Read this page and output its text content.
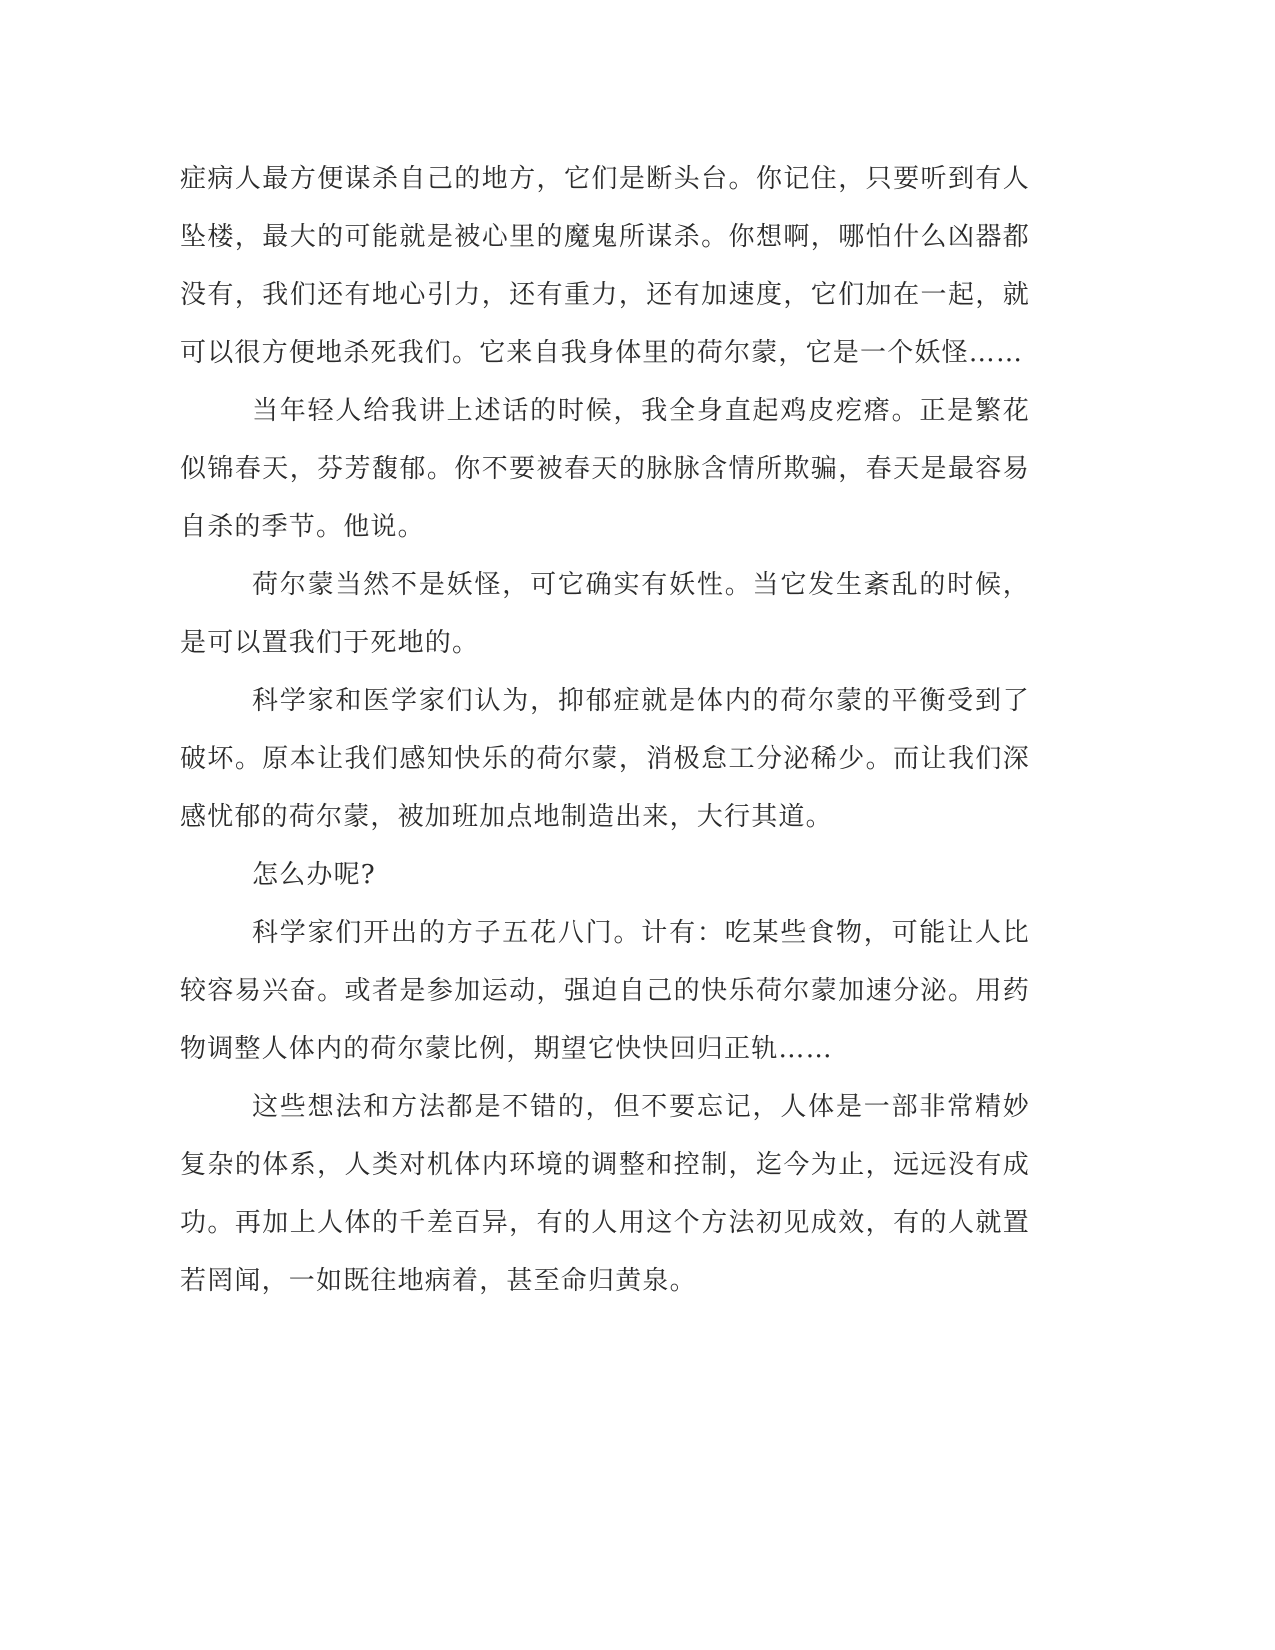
症病人最方便谋杀自己的地方，它们是断头台。你记住，只要听到有人坠楼，最大的可能就是被心里的魔鬼所谋杀。你想啊，哪怕什么凶器都没有，我们还有地心引力，还有重力，还有加速度，它们加在一起，就可以很方便地杀死我们。它来自我身体里的荷尔蒙，它是一个妖怪……

当年轻人给我讲上述话的时候，我全身直起鸡皮疙瘩。正是繁花似锦春天，芬芳馥郁。你不要被春天的脉脉含情所欺骗，春天是最容易自杀的季节。他说。

荷尔蒙当然不是妖怪，可它确实有妖性。当它发生紊乱的时候，是可以置我们于死地的。

科学家和医学家们认为，抑郁症就是体内的荷尔蒙的平衡受到了破坏。原本让我们感知快乐的荷尔蒙，消极怠工分泌稀少。而让我们深感忧郁的荷尔蒙，被加班加点地制造出来，大行其道。

怎么办呢?

科学家们开出的方子五花八门。计有：吃某些食物，可能让人比较容易兴奋。或者是参加运动，强迫自己的快乐荷尔蒙加速分泌。用药物调整人体内的荷尔蒙比例，期望它快快回归正轨……

这些想法和方法都是不错的，但不要忘记，人体是一部非常精妙复杂的体系，人类对机体内环境的调整和控制，迄今为止，远远没有成功。再加上人体的千差百异，有的人用这个方法初见成效，有的人就置若罔闻，一如既往地病着，甚至命归黄泉。
